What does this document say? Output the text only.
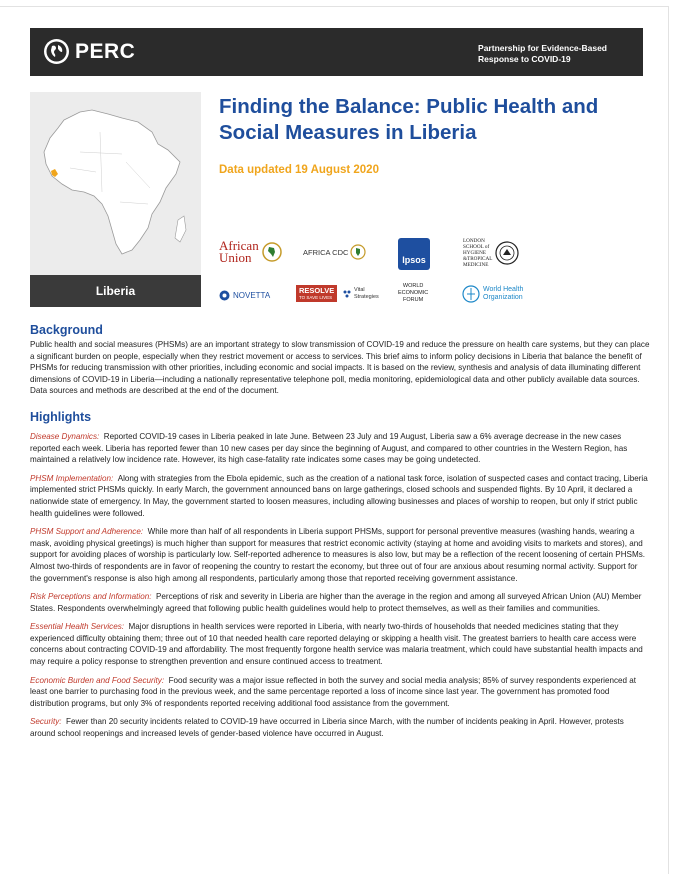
PERC	Partnership for Evidence-Based
Response to COVID-19
Liberia
Finding the Balance: Public Health and Social Measures in Liberia

Data updated 19 August 2020

African
Union	AFRICA CDC
Ipsos
LONDON
SCHOOL of
HYGIENE
&TROPICAL
MEDICINE
NOVETTA
RESOLVE
TO SAVE LIVES
Vital
Strategies
WORLD
ECONOMIC
FORUM
World Health
Organization
Background

Public health and social measures (PHSMs) are an important strategy to slow transmission of COVID-19 and reduce the pressure on health care systems, but they can place a significant burden on people, especially when they restrict movement or access to services. This brief aims to inform policy decisions in Liberia that balance the benefit of PHSMs for reducing transmission with other priorities, including economic and social impacts. It is based on the review, synthesis and analysis of data illuminating different dimensions of COVID-19 in Liberia—including a nationally representative telephone poll, media monitoring, epidemiological data and other publicly available data sources. Data sources and methods are described at the end of the document.

Highlights

Disease Dynamics: Reported COVID-19 cases in Liberia peaked in late June. Between 23 July and 19 August, Liberia saw a 6% average decrease in the new cases reported each week. Liberia has reported fewer than 10 new cases per day since the beginning of August, and compared to other countries in the Western Region, has maintained a relatively low incidence rate. However, its high case-fatality rate indicates some cases may be going undetected.

PHSM Implementation: Along with strategies from the Ebola epidemic, such as the creation of a national task force, isolation of suspected cases and contact tracing, Liberia implemented strict PHSMs quickly. In early March, the government announced bans on large gatherings, closed schools and suspended flights. By 10 April, it declared a nationwide state of emergency. In May, the government started to loosen measures, including allowing businesses and places of worship to reopen, but only if strict public health guidelines were followed.

PHSM Support and Adherence: While more than half of all respondents in Liberia support PHSMs, support for personal preventive measures (washing hands, wearing a mask, avoiding physical greetings) is much higher than support for measures that restrict economic activity (staying at home and avoiding visits to markets and stores), and support for avoiding places of worship is particularly low. Self-reported adherence to measures is also low, but may be a reflection of the recent loosening of certain PHSMs. Almost two-thirds of respondents are in favor of reopening the country to restart the economy, but three out of four are anxious about resuming normal activity. Support for the government's response is also high among all respondents, particularly among those that reported receiving government assistance.

Risk Perceptions and Information: Perceptions of risk and severity in Liberia are higher than the average in the region and among all surveyed African Union (AU) Member States. Respondents overwhelmingly agreed that following public health guidelines would help to protect themselves, as well as their families and communities.

Essential Health Services: Major disruptions in health services were reported in Liberia, with nearly two-thirds of households that needed medicines stating that they experienced difficulty obtaining them; three out of 10 that needed health care reported delaying or skipping a health visit. The greatest barriers to health care access were concerns about contracting COVID-19 and affordability. The most frequently forgone health service was malaria treatment, which could have substantial health impacts and may require a policy response to strengthen prevention and ensure continued access to treatment.

Economic Burden and Food Security: Food security was a major issue reflected in both the survey and social media analysis; 85% of survey respondents experienced at least one barrier to purchasing food in the previous week, and the same percentage reported a loss of income since last year. The government has promoted food distribution programs, but only 3% of respondents reported receiving additional food assistance from the government.

Security: Fewer than 20 security incidents related to COVID-19 have occurred in Liberia since March, with the number of incidents peaking in April. However, protests around school reopenings and increased levels of gender-based violence have occurred in August.
